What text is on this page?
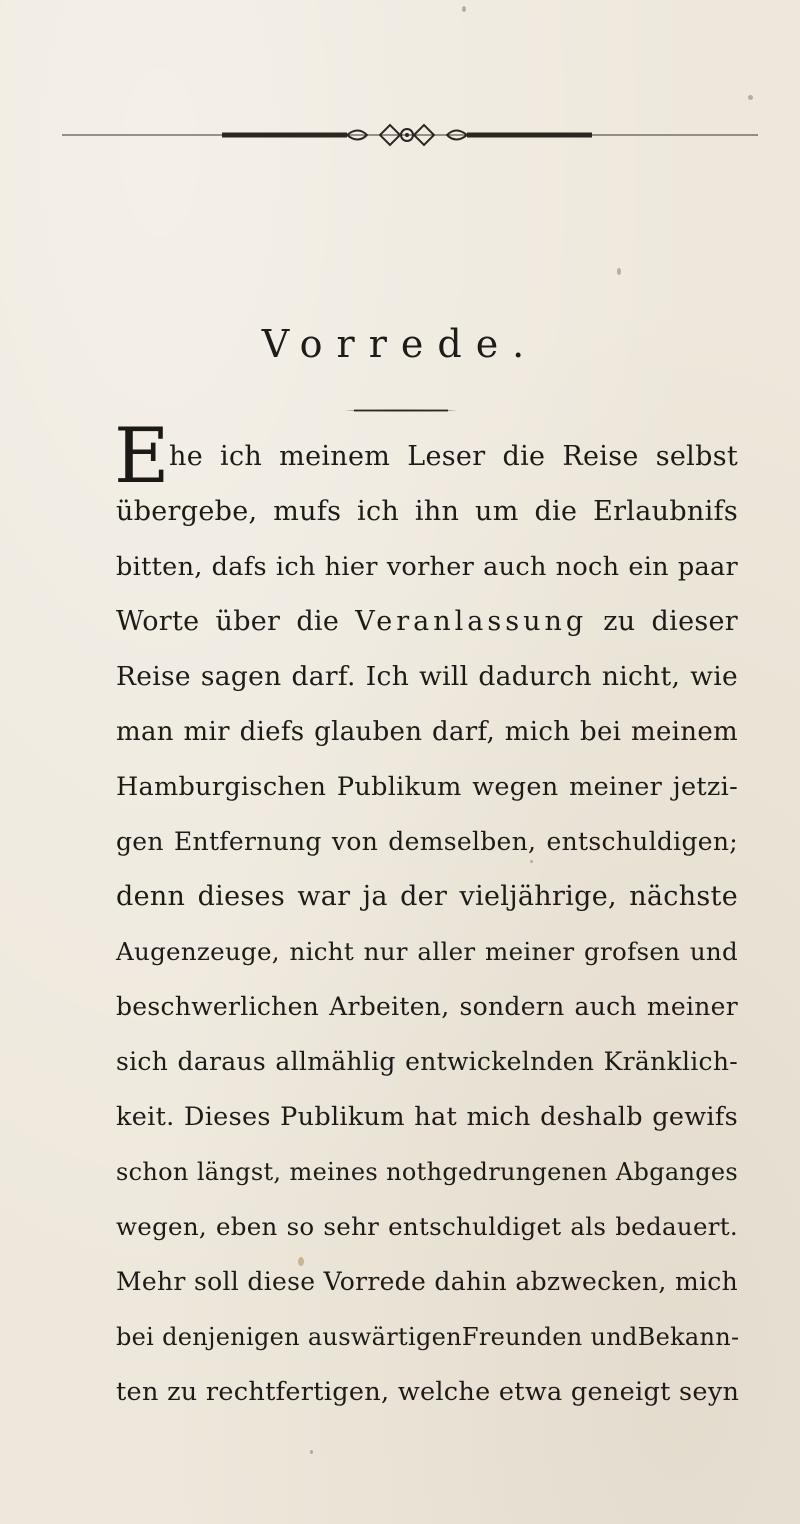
Vorrede.
E he ich meinem Leser die Reise selbst
übergebe, mufs ich ihn um die Erlaubnifs
bitten, dafs ich hier vorher auch noch ein paar
Worte über die Veranlassung zu dieser
Reise sagen darf. Ich will dadurch nicht, wie
man mir diefs glauben darf, mich bei meinem
Hamburgischen Publikum wegen meiner jetzi-
gen Entfernung von demselben, entschuldigen;
denn dieses war ja der vieljährige, nächste
Augenzeuge, nicht nur aller meiner grofsen und
beschwerlichen Arbeiten, sondern auch meiner
sich daraus allmählig entwickelnden Kränklich-
keit. Dieses Publikum hat mich deshalb gewifs
schon längst, meines nothgedrungenen Abganges
wegen, eben so sehr entschuldiget als bedauert.
Mehr soll diese Vorrede dahin abzwecken, mich
bei denjenigen auswärtigenFreunden undBekann-
ten zu rechtfertigen, welche etwa geneigt seyn
